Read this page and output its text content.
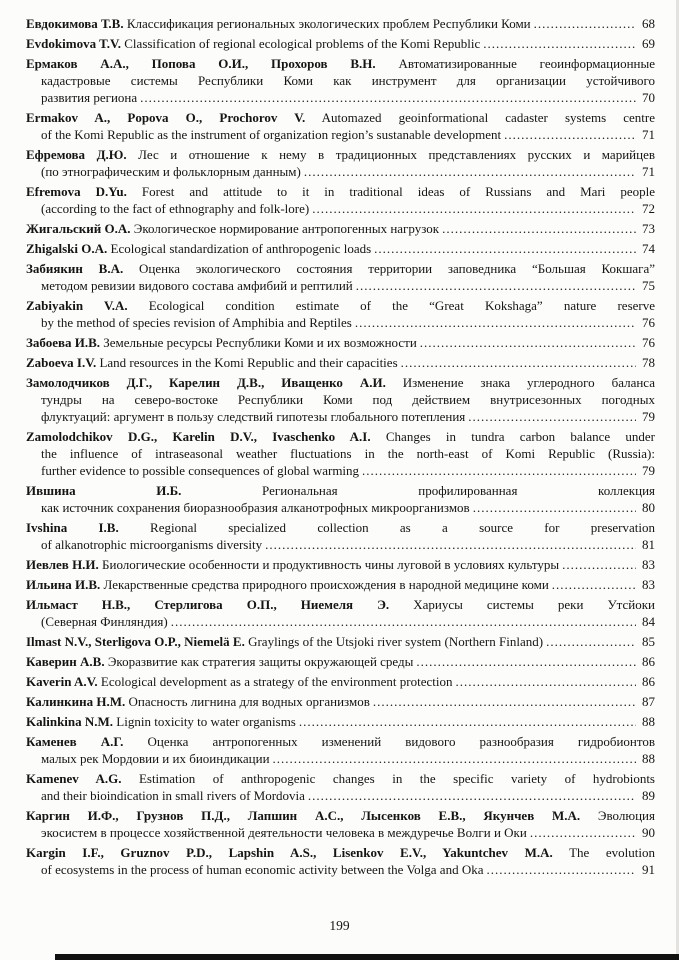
Евдокимова Т.В. Классификация региональных экологических проблем Республики Коми .....	68
Evdokimova T.V. Classification of regional ecological problems of the Komi Republic .....	69
Ермаков А.А., Попова О.И., Прохоров В.Н. Автоматизированные геоинформационные
кадастровые системы Республики Коми как инструмент для организации устойчивого
развития региона .....	70
Ermakov A., Popova O., Prochorov V. Automazed geoinformational cadaster systems centre
of the Komi Republic as the instrument of organization region’s sustanable development .....	71
Ефремова Д.Ю. Лес и отношение к нему в традиционных представлениях русских и марийцев
(по этнографическим и фольклорным данным) .....	71
Efremova D.Yu. Forest and attitude to it in traditional ideas of Russians and Mari people
(according to the fact of ethnography and folk-lore) .....	72
Жигальский О.А. Экологическое нормирование антропогенных нагрузок .....	73
Zhigalski O.A. Ecological standardization of anthropogenic loads .....	74
Забиякин В.А. Оценка экологического состояния территории заповедника “Большая Кокшага”
методом ревизии видового состава амфибий и рептилий .....	75
Zabiyakin V.A. Ecological condition estimate of the “Great Kokshaga” nature reserve
by the method of species revision of Amphibia and Reptiles .....	76
Забоева И.В. Земельные ресурсы Республики Коми и их возможности .....	76
Zaboeva I.V. Land resources in the Komi Republic and their capacities .....	78
Замолодчиков Д.Г., Карелин Д.В., Иващенко А.И. Изменение знака углеродного баланса
тундры на северо-востоке Республики Коми под действием внутрисезонных погодных
флуктуаций: аргумент в пользу следствий гипотезы глобального потепления .....	79
Zamolodchikov D.G., Karelin D.V., Ivaschenko A.I. Changes in tundra carbon balance under
the influence of intraseasonal weather fluctuations in the north-east of Komi Republic (Russia):
further evidence to possible consequences of global warming .....	79
Ившина И.Б. Региональная профилированная коллекция
как источник сохранения биоразнообразия алканотрофных микроорганизмов .....	80
Ivshina I.B. Regional specialized collection as a source for preservation
of alkanotrophic microorganisms diversity .....	81
Иевлев Н.И. Биологические особенности и продуктивность чины луговой в условиях культуры .....	83
Ильина И.В. Лекарственные средства природного происхождения в народной медицине коми .....	83
Ильмаст Н.В., Стерлигова О.П., Ниемеля Э. Хариусы системы реки Утсйоки
(Северная Финляндия) .....	84
Ilmast N.V., Sterligova O.P., Niemelä E. Graylings of the Utsjoki river system (Northern Finland) .....	85
Каверин А.В. Экоразвитие как стратегия защиты окружающей среды .....	86
Kaverin A.V. Ecological development as a strategy of the environment protection .....	86
Калинкина Н.М. Опасность лигнина для водных организмов .....	87
Kalinkina N.M. Lignin toxicity to water organisms .....	88
Каменев А.Г. Оценка антропогенных изменений видового разнообразия гидробионтов
малых рек Мордовии и их биоиндикации .....	88
Kamenev A.G. Estimation of anthropogenic changes in the specific variety of hydrobionts
and their bioindication in small rivers of Mordovia .....	89
Каргин И.Ф., Грузнов П.Д., Лапшин А.С., Лысенков Е.В., Якунчев М.А. Эволюция
экосистем в процессе хозяйственной деятельности человека в междуречье Волги и Оки .....	90
Kargin I.F., Gruznov P.D., Lapshin A.S., Lisenkov E.V., Yakuntchev M.A. The evolution
of ecosystems in the process of human economic activity between the Volga and Oka .....	91
199
